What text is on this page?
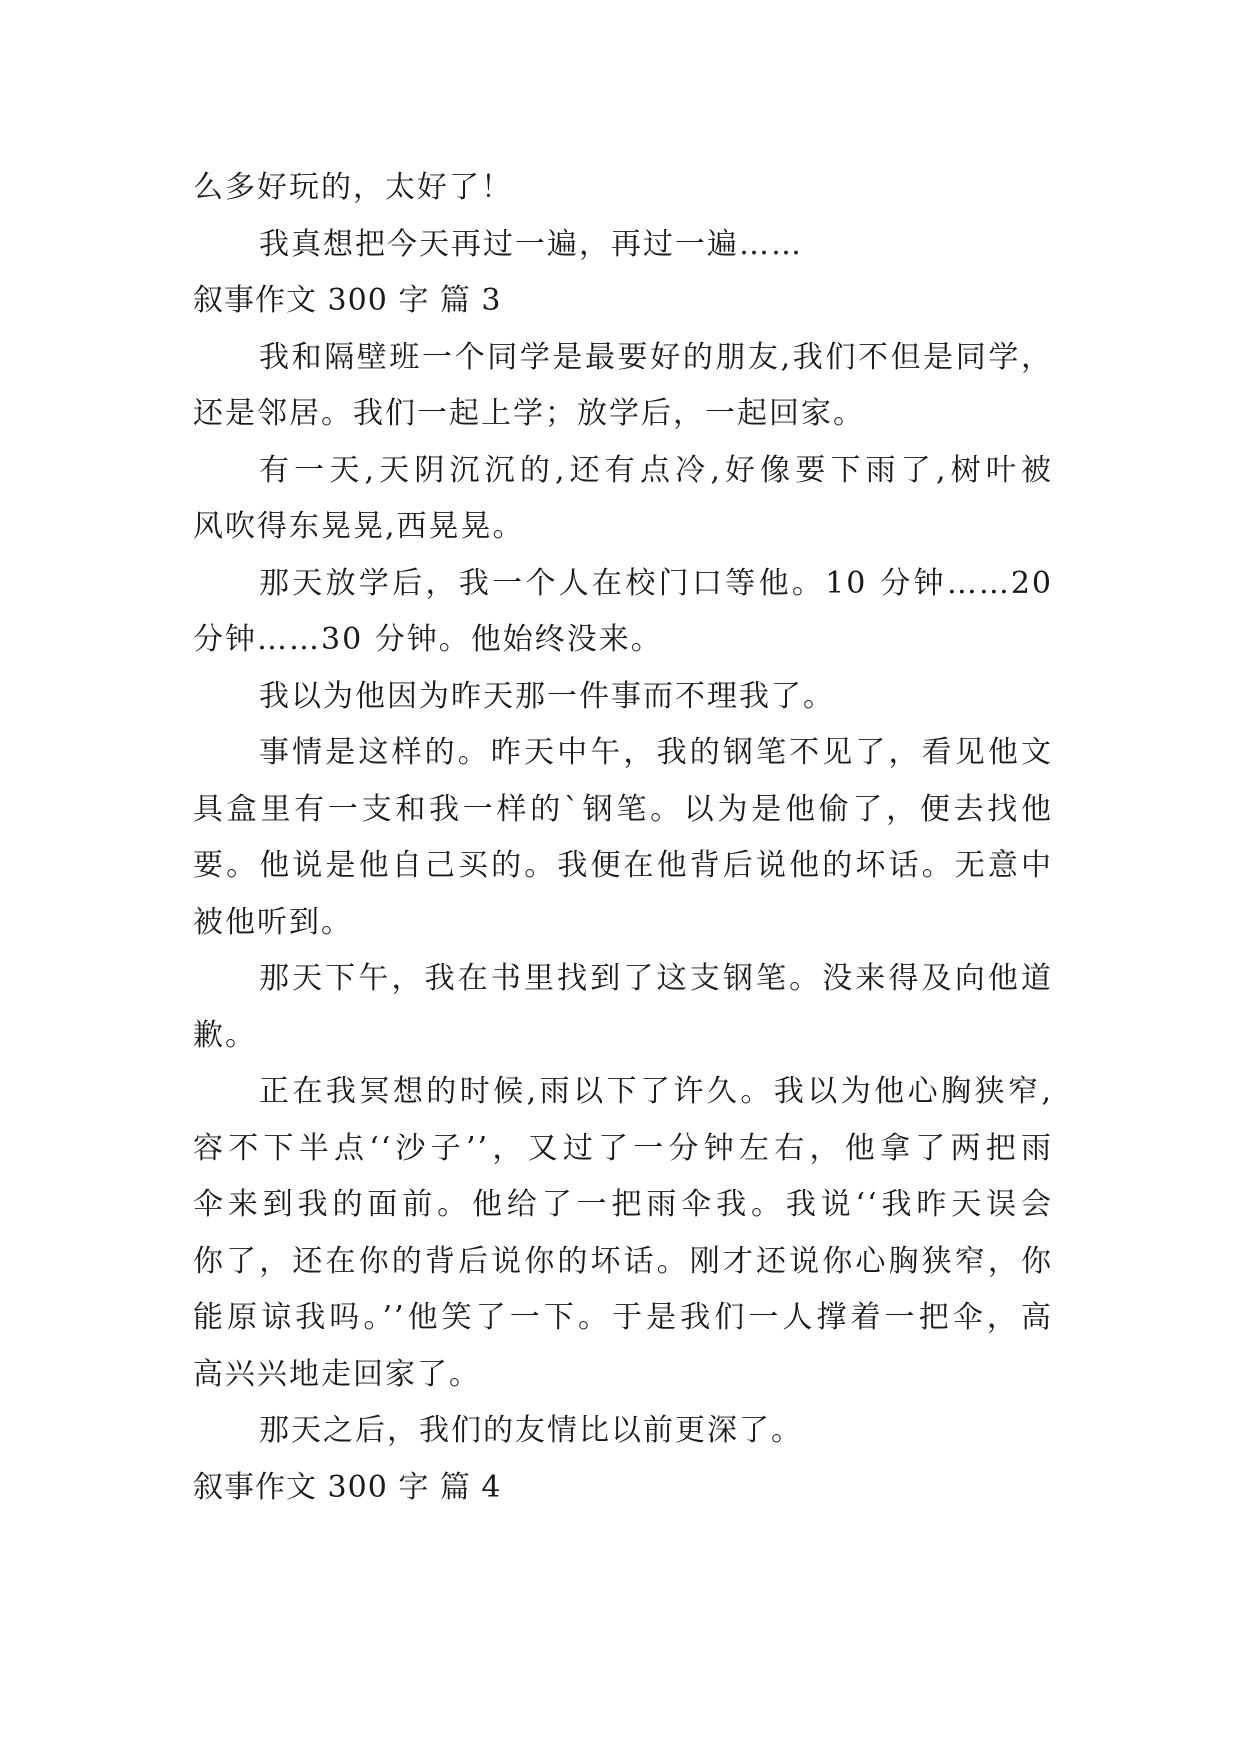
么多好玩的，太好了！
我真想把今天再过一遍，再过一遍……
叙事作文 300 字 篇 3
我和隔壁班一个同学是最要好的朋友,我们不但是同学，
还是邻居。我们一起上学；放学后，一起回家。
有一天,天阴沉沉的,还有点冷,好像要下雨了,树叶被
风吹得东晃晃,西晃晃。
那天放学后，我一个人在校门口等他。10 分钟……20
分钟……30 分钟。他始终没来。
我以为他因为昨天那一件事而不理我了。
事情是这样的。昨天中午，我的钢笔不见了，看见他文
具盒里有一支和我一样的`钢笔。以为是他偷了，便去找他
要。他说是他自己买的。我便在他背后说他的坏话。无意中
被他听到。
那天下午，我在书里找到了这支钢笔。没来得及向他道
歉。
正在我冥想的时候,雨以下了许久。我以为他心胸狭窄,
容不下半点‘‘沙子’’，又过了一分钟左右，他拿了两把雨
伞来到我的面前。他给了一把雨伞我。我说‘‘我昨天误会
你了，还在你的背后说你的坏话。刚才还说你心胸狭窄，你
能原谅我吗。’’他笑了一下。于是我们一人撑着一把伞，高
高兴兴地走回家了。
那天之后，我们的友情比以前更深了。
叙事作文 300 字 篇 4
